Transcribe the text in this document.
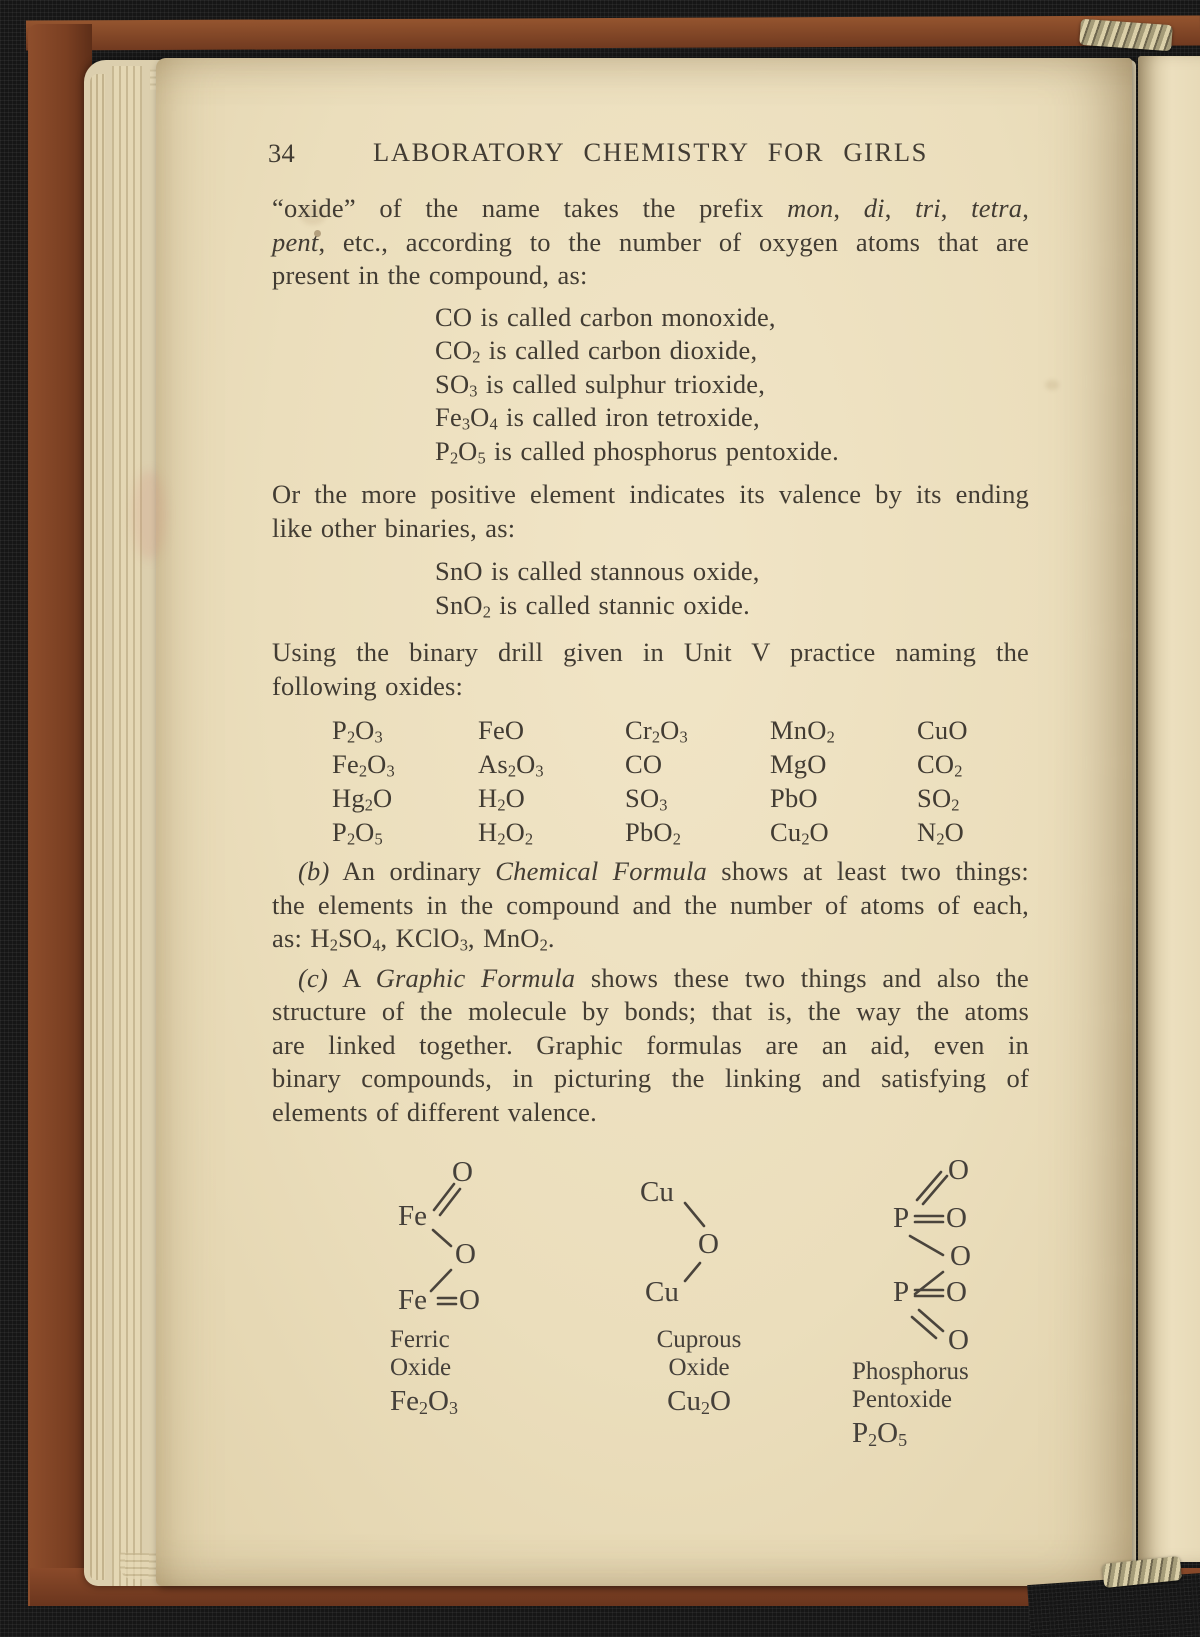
34	LABORATORY CHEMISTRY FOR GIRLS
“oxide” of the name takes the prefix mon, di, tri, tetra,
pent, etc., according to the number of oxygen atoms that are
present in the compound, as:
CO is called carbon monoxide,
$CO_2$ is called carbon dioxide,
$SO_3$ is called sulphur trioxide,
$Fe_3O_4$ is called iron tetroxide,
$P_2O_5$ is called phosphorus pentoxide.
Or the more positive element indicates its valence by its ending
like other binaries, as:
SnO is called stannous oxide,
SnO$_2$ is called stannic oxide.
Using the binary drill given in Unit V practice naming the
following oxides:
$P_2O_3$	FeO	$Cr_2O_3$	MnO$_2$	CuO
$Fe_2O_3$	$As_2O_3$	CO	MgO	$CO_2$
$Hg_2O$	$H_2O$	$SO_3$	PbO	$SO_2$
$P_2O_5$	$H_2O_2$	PbO$_2$	$Cu_2O$	$N_2O$
(b) An ordinary Chemical Formula shows at least two things:
the elements in the compound and the number of atoms of each,
as: $H_2SO_4$, KClO$_3$, MnO$_2$.
(c) A Graphic Formula shows these two things and also the
structure of the molecule by bonds; that is, the way the atoms
are linked together. Graphic formulas are an aid, even in
binary compounds, in picturing the linking and satisfying of
elements of different valence.
O
Fe
O
Fe O
Ferric
Oxide
$Fe_2O_3$
Cu
O
Cu
Cuprous
Oxide
$Cu_2O$
O
P O
O
P O
O
Phosphorus
Pentoxide
$P_2O_5$
